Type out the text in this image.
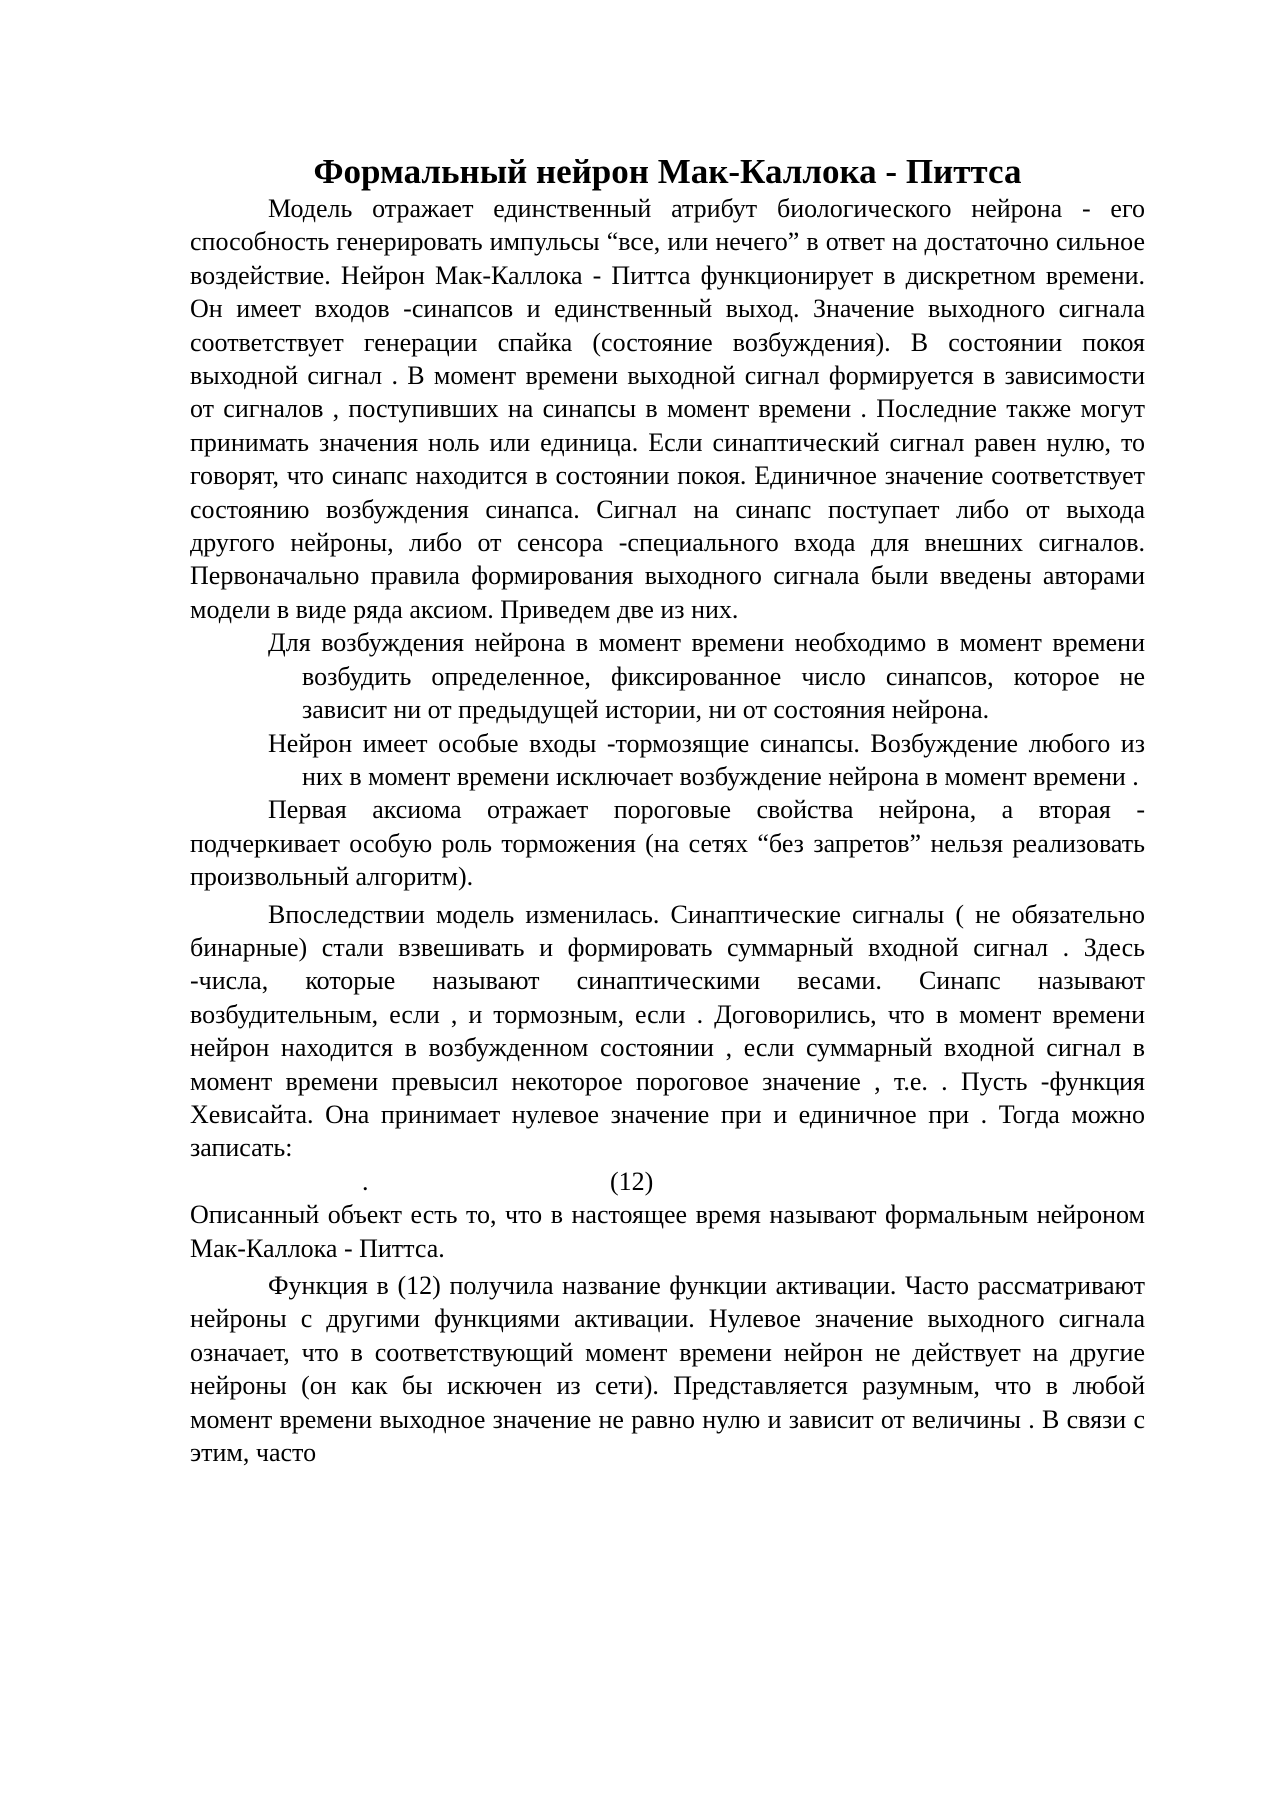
Формальный нейрон Мак-Каллока - Питтса

Модель отражает единственный атрибут биологического нейрона - его способность генерировать импульсы “все, или нечего” в ответ на достаточно сильное воздействие. Нейрон Мак-Каллока - Питтса функционирует в дискретном времени. Он имеет входов -синапсов и единственный выход. Значение выходного сигнала соответствует генерации спайка (состояние возбуждения). В состоянии покоя выходной сигнал . В момент времени выходной сигнал формируется в зависимости от сигналов , поступивших на синапсы в момент времени . Последние также могут принимать значения ноль или единица. Если синаптический сигнал равен нулю, то говорят, что синапс находится в состоянии покоя. Единичное значение соответствует состоянию возбуждения синапса. Сигнал на синапс поступает либо от выхода другого нейроны, либо от сенсора -специального входа для внешних сигналов. Первоначально правила формирования выходного сигнала были введены авторами модели в виде ряда аксиом. Приведем две из них.

Для возбуждения нейрона в момент времени необходимо в момент времени возбудить определенное, фиксированное число синапсов, которое не зависит ни от предыдущей истории, ни от состояния нейрона.

Нейрон имеет особые входы -тормозящие синапсы. Возбуждение любого из них в момент времени исключает возбуждение нейрона в момент времени .

Первая аксиома отражает пороговые свойства нейрона, а вторая - подчеркивает особую роль торможения (на сетях “без запретов” нельзя реализовать произвольный алгоритм).

Впоследствии модель изменилась. Синаптические сигналы ( не обязательно бинарные) стали взвешивать и формировать суммарный входной сигнал . Здесь -числа, которые называют синаптическими весами. Синапс называют возбудительным, если , и тормозным, если . Договорились, что в момент времени нейрон находится в возбужденном состоянии , если суммарный входной сигнал в момент времени превысил некоторое пороговое значение , т.е. . Пусть -функция Хевисайта. Она принимает нулевое значение при и единичное при . Тогда можно записать:

.	(12)

Описанный объект есть то, что в настоящее время называют формальным нейроном Мак-Каллока - Питтса.

Функция в (12) получила название функции активации. Часто рассматривают нейроны с другими функциями активации. Нулевое значение выходного сигнала означает, что в соответствующий момент времени нейрон не действует на другие нейроны (он как бы искючен из сети). Представляется разумным, что в любой момент времени выходное значение не равно нулю и зависит от величины . В связи с этим, часто
